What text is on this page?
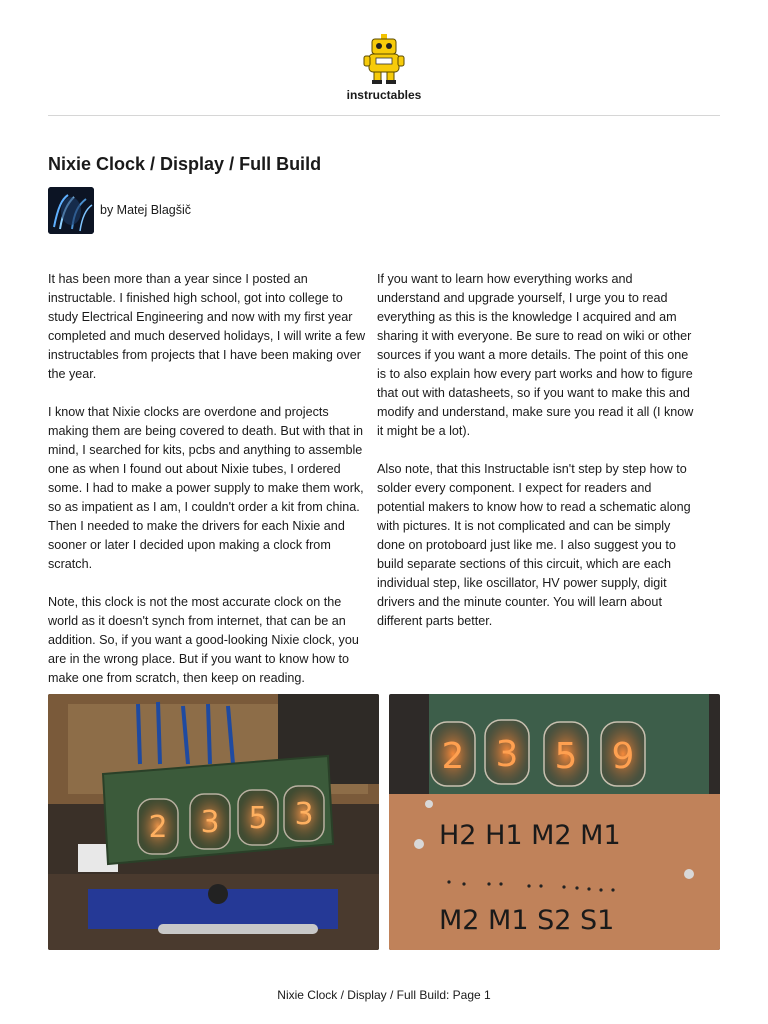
instructables
Nixie Clock / Display / Full Build
by Matej Blagšič

It has been more than a year since I posted an instructable. I finished high school, got into college to study Electrical Engineering and now with my first year completed and much deserved holidays, I will write a few instructables from projects that I have been making over the year.

I know that Nixie clocks are overdone and projects making them are being covered to death. But with that in mind, I searched for kits, pcbs and anything to assemble one as when I found out about Nixie tubes, I ordered some. I had to make a power supply to make them work, so as impatient as I am, I couldn't order a kit from china. Then I needed to make the drivers for each Nixie and sooner or later I decided upon making a clock from scratch.

Note, this clock is not the most accurate clock on the world as it doesn't synch from internet, that can be an addition. So, if you want a good-looking Nixie clock, you are in the wrong place. But if you want to know how to make one from scratch, then keep on reading.

If you want to learn how everything works and understand and upgrade yourself, I urge you to read everything as this is the knowledge I acquired and am sharing it with everyone. Be sure to read on wiki or other sources if you want a more details. The point of this one is to also explain how every part works and how to figure that out with datasheets, so if you want to make this and modify and understand, make sure you read it all (I know it might be a lot).

Also note, that this Instructable isn't step by step how to solder every component. I expect for readers and potential makers to know how to read a schematic along with pictures. It is not complicated and can be simply done on protoboard just like me. I also suggest you to build separate sections of this circuit, which are each individual step, like oscillator, HV power supply, digit drivers and the minute counter. You will learn about different parts better.

2 3 5 3
2 3 5 9
H2 H1 M2 M1
M2 M1 S2 S1
Nixie Clock / Display / Full Build: Page 1
